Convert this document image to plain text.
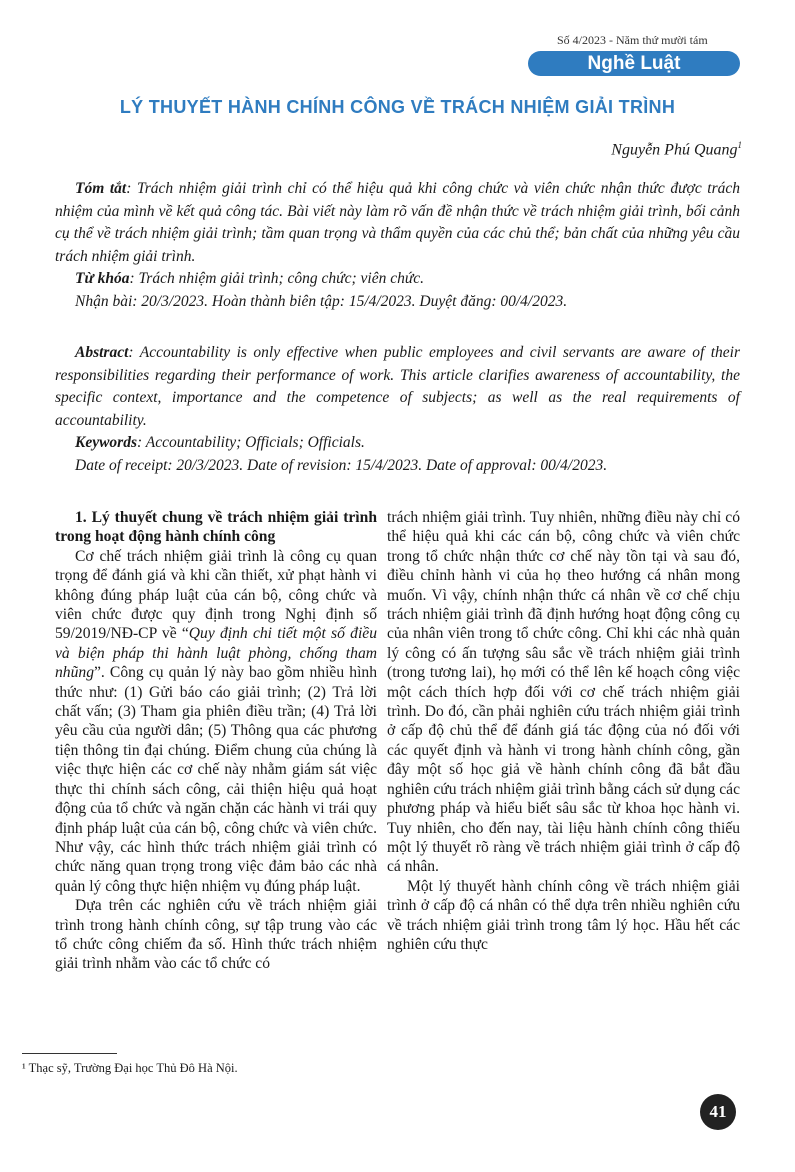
Số 4/2023 - Năm thứ mười tám
Nghề Luật
LÝ THUYẾT HÀNH CHÍNH CÔNG VỀ TRÁCH NHIỆM GIẢI TRÌNH
Nguyễn Phú Quang$^1$

Tóm tắt: Trách nhiệm giải trình chỉ có thể hiệu quả khi công chức và viên chức nhận thức được trách nhiệm của mình về kết quả công tác. Bài viết này làm rõ vấn đề nhận thức về trách nhiệm giải trình, bối cảnh cụ thể về trách nhiệm giải trình; tầm quan trọng và thẩm quyền của các chủ thể; bản chất của những yêu cầu trách nhiệm giải trình.

Từ khóa: Trách nhiệm giải trình; công chức; viên chức.

Nhận bài: 20/3/2023. Hoàn thành biên tập: 15/4/2023. Duyệt đăng: 00/4/2023.

Abstract: Accountability is only effective when public employees and civil servants are aware of their responsibilities regarding their performance of work. This article clarifies awareness of accountability, the specific context, importance and the competence of subjects; as well as the real requirements of accountability.

Keywords: Accountability; Officials; Officials.

Date of receipt: 20/3/2023. Date of revision: 15/4/2023. Date of approval: 00/4/2023.

1. Lý thuyết chung về trách nhiệm giải trình trong hoạt động hành chính công

Cơ chế trách nhiệm giải trình là công cụ quan trọng để đánh giá và khi cần thiết, xử phạt hành vi không đúng pháp luật của cán bộ, công chức và viên chức được quy định trong Nghị định số 59/2019/NĐ-CP về “Quy định chi tiết một số điều và biện pháp thi hành luật phòng, chống tham nhũng”. Công cụ quản lý này bao gồm nhiều hình thức như: (1) Gửi báo cáo giải trình; (2) Trả lời chất vấn; (3) Tham gia phiên điều trần; (4) Trả lời yêu cầu của người dân; (5) Thông qua các phương tiện thông tin đại chúng. Điểm chung của chúng là việc thực hiện các cơ chế này nhằm giám sát việc thực thi chính sách công, cải thiện hiệu quả hoạt động của tổ chức và ngăn chặn các hành vi trái quy định pháp luật của cán bộ, công chức và viên chức. Như vậy, các hình thức trách nhiệm giải trình có chức năng quan trọng trong việc đảm bảo các nhà quản lý công thực hiện nhiệm vụ đúng pháp luật.

Dựa trên các nghiên cứu về trách nhiệm giải trình trong hành chính công, sự tập trung vào các tổ chức công chiếm đa số. Hình thức trách nhiệm giải trình nhằm vào các tổ chức có

trách nhiệm giải trình. Tuy nhiên, những điều này chỉ có thể hiệu quả khi các cán bộ, công chức và viên chức trong tổ chức nhận thức cơ chế này tồn tại và sau đó, điều chỉnh hành vi của họ theo hướng cá nhân mong muốn. Vì vậy, chính nhận thức cá nhân về cơ chế chịu trách nhiệm giải trình đã định hướng hoạt động công cụ của nhân viên trong tổ chức công. Chỉ khi các nhà quản lý công có ấn tượng sâu sắc về trách nhiệm giải trình (trong tương lai), họ mới có thể lên kế hoạch công việc một cách thích hợp đối với cơ chế trách nhiệm giải trình. Do đó, cần phải nghiên cứu trách nhiệm giải trình ở cấp độ chủ thể để đánh giá tác động của nó đối với các quyết định và hành vi trong hành chính công, gần đây một số học giả về hành chính công đã bắt đầu nghiên cứu trách nhiệm giải trình bằng cách sử dụng các phương pháp và hiểu biết sâu sắc từ khoa học hành vi. Tuy nhiên, cho đến nay, tài liệu hành chính công thiếu một lý thuyết rõ ràng về trách nhiệm giải trình ở cấp độ cá nhân.

Một lý thuyết hành chính công về trách nhiệm giải trình ở cấp độ cá nhân có thể dựa trên nhiều nghiên cứu về trách nhiệm giải trình trong tâm lý học. Hầu hết các nghiên cứu thực

¹ Thạc sỹ, Trường Đại học Thủ Đô Hà Nội.
41
